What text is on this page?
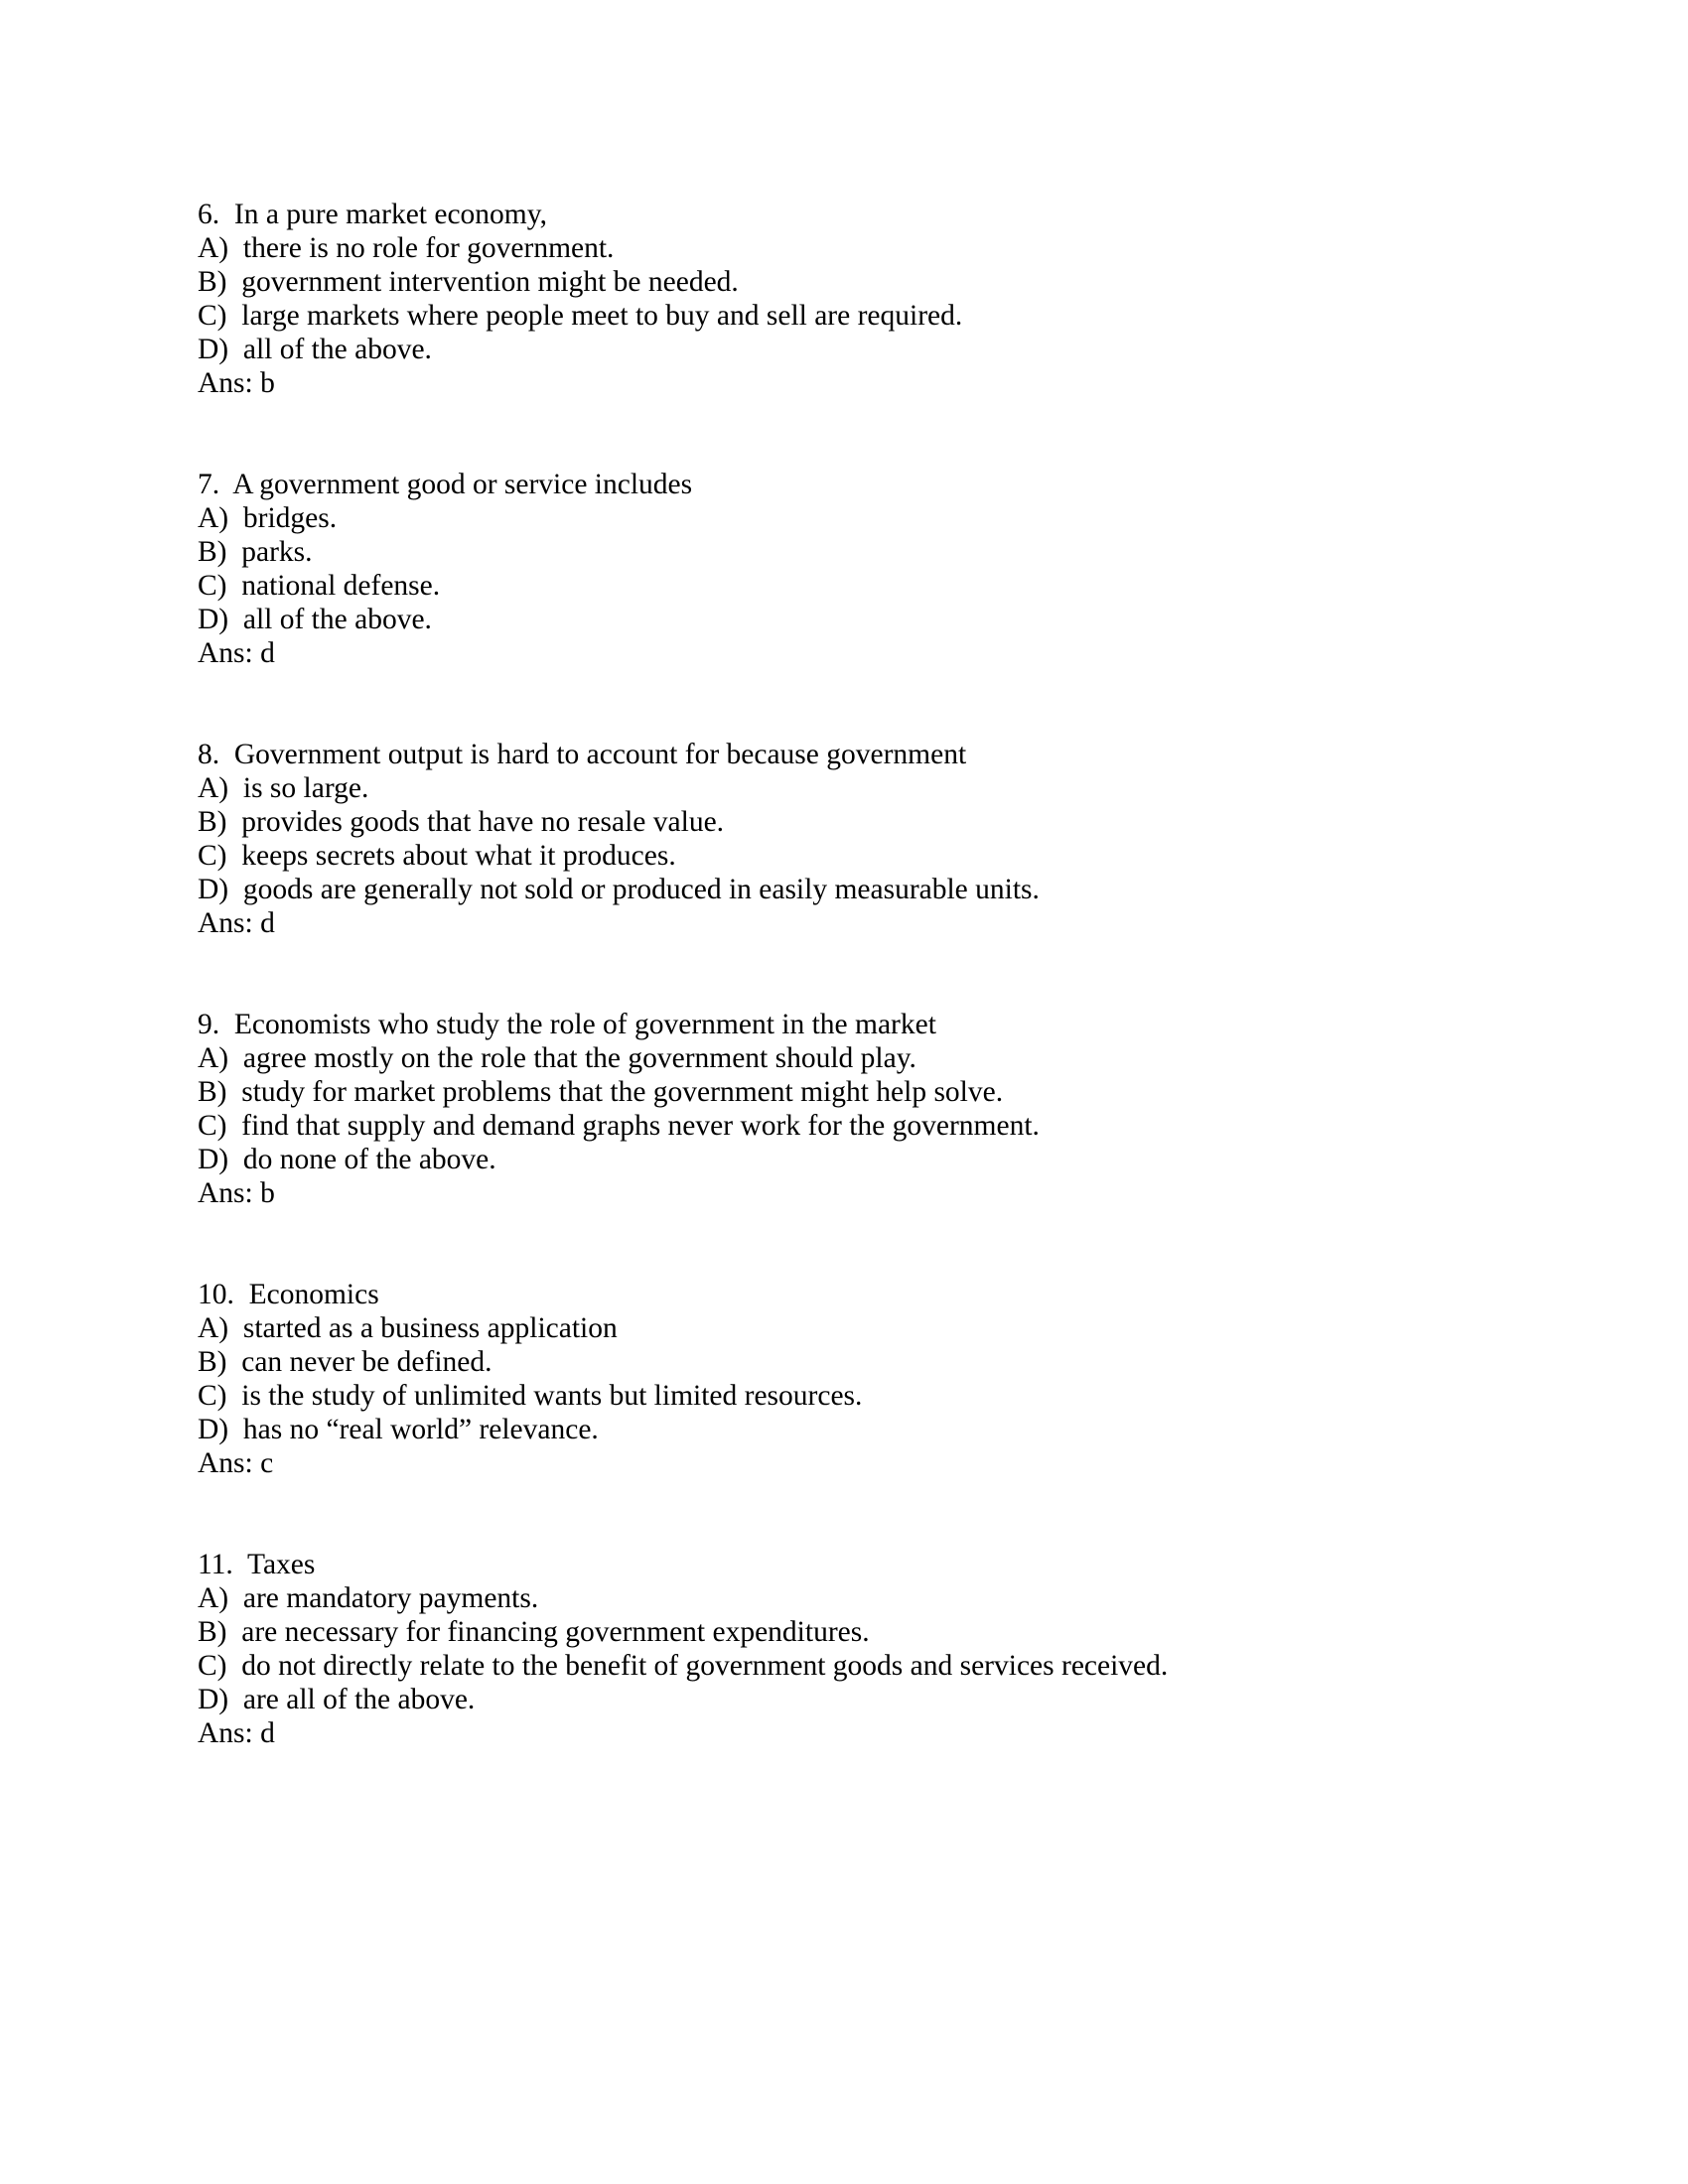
6.  In a pure market economy,

A)  there is no role for government.

B)  government intervention might be needed.

C)  large markets where people meet to buy and sell are required.

D)  all of the above.

Ans: b

7.  A government good or service includes

A)  bridges.

B)  parks.

C)  national defense.

D)  all of the above.

Ans: d

8.  Government output is hard to account for because government

A)  is so large.

B)  provides goods that have no resale value.

C)  keeps secrets about what it produces.

D)  goods are generally not sold or produced in easily measurable units.

Ans: d

9.  Economists who study the role of government in the market

A)  agree mostly on the role that the government should play.

B)  study for market problems that the government might help solve.

C)  find that supply and demand graphs never work for the government.

D)  do none of the above.

Ans: b

10.  Economics

A)  started as a business application

B)  can never be defined.

C)  is the study of unlimited wants but limited resources.

D)  has no “real world” relevance.

Ans: c

11.  Taxes

A)  are mandatory payments.

B)  are necessary for financing government expenditures.

C)  do not directly relate to the benefit of government goods and services received.

D)  are all of the above.

Ans: d
